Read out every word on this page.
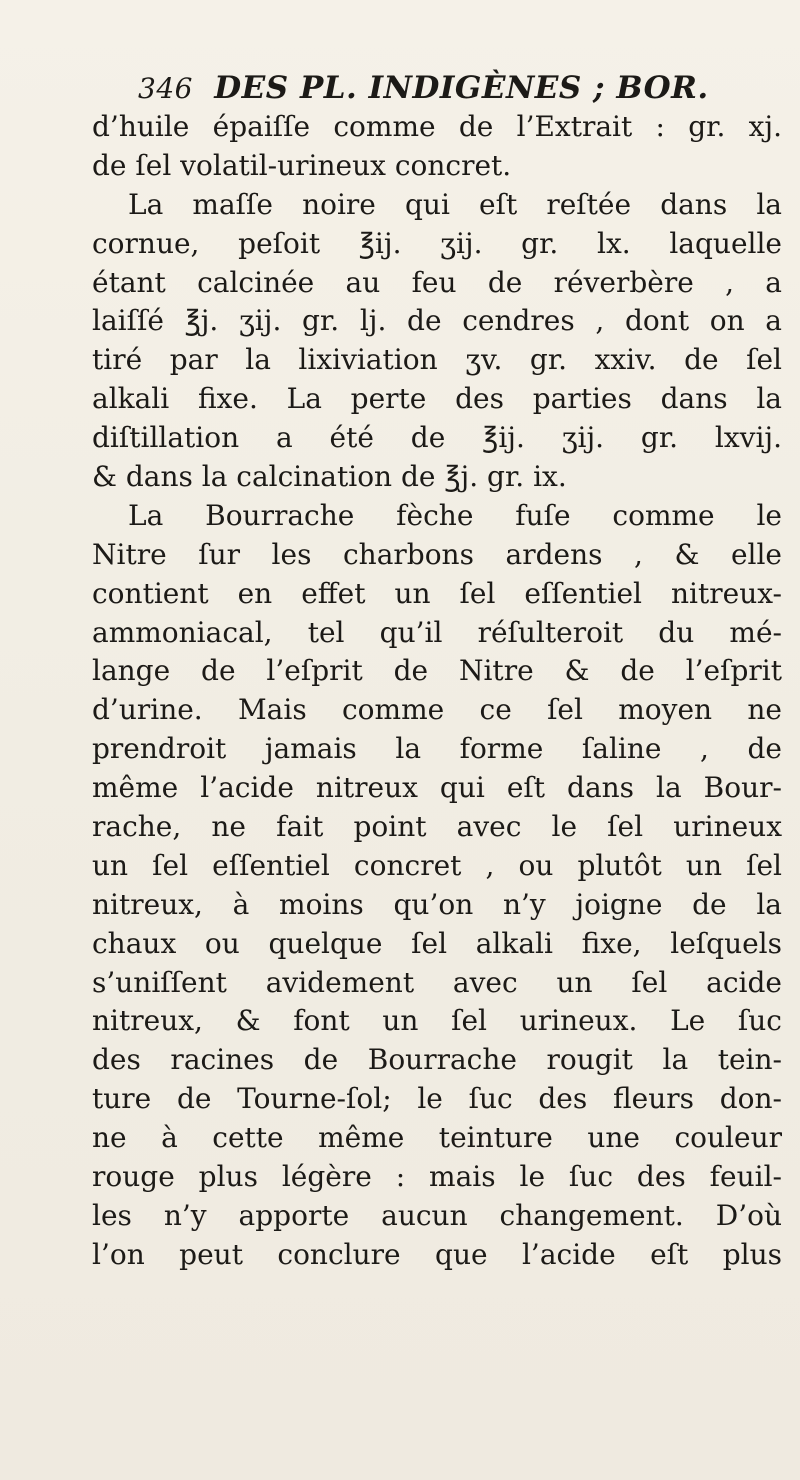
346 DES PL. INDIGÈNES ; BOR.
d’huile épaiſſe comme de l’Extrait : gr. xj.
de ſel volatil-urineux concret.
La maſſe noire qui eſt reſtée dans la
cornue, peſoit ℥ij. ʒij. gr. lx. laquelle
étant calcinée au feu de réverbère , a
laiſſé ℥j. ʒij. gr. lj. de cendres , dont on a
tiré par la lixiviation ʒv. gr. xxiv. de ſel
alkali fixe. La perte des parties dans la
diſtillation a été de ℥ij. ʒij. gr. lxvij.
& dans la calcination de ℥j. gr. ix.
La Bourrache fèche fuſe comme le
Nitre ſur les charbons ardens , & elle
contient en effet un ſel eſſentiel nitreux-
ammoniacal, tel qu’il réſulteroit du mé-
lange de l’eſprit de Nitre & de l’eſprit
d’urine. Mais comme ce ſel moyen ne
prendroit jamais la forme ſaline , de
même l’acide nitreux qui eſt dans la Bour-
rache, ne fait point avec le ſel urineux
un ſel eſſentiel concret , ou plutôt un ſel
nitreux, à moins qu’on n’y joigne de la
chaux ou quelque ſel alkali fixe, leſquels
s’uniſſent avidement avec un ſel acide
nitreux, & font un ſel urineux. Le ſuc
des racines de Bourrache rougit la tein-
ture de Tourne-ſol; le ſuc des fleurs don-
ne à cette même teinture une couleur
rouge plus légère : mais le ſuc des feuil-
les n’y apporte aucun changement. D’où
l’on peut conclure que l’acide eſt plus
